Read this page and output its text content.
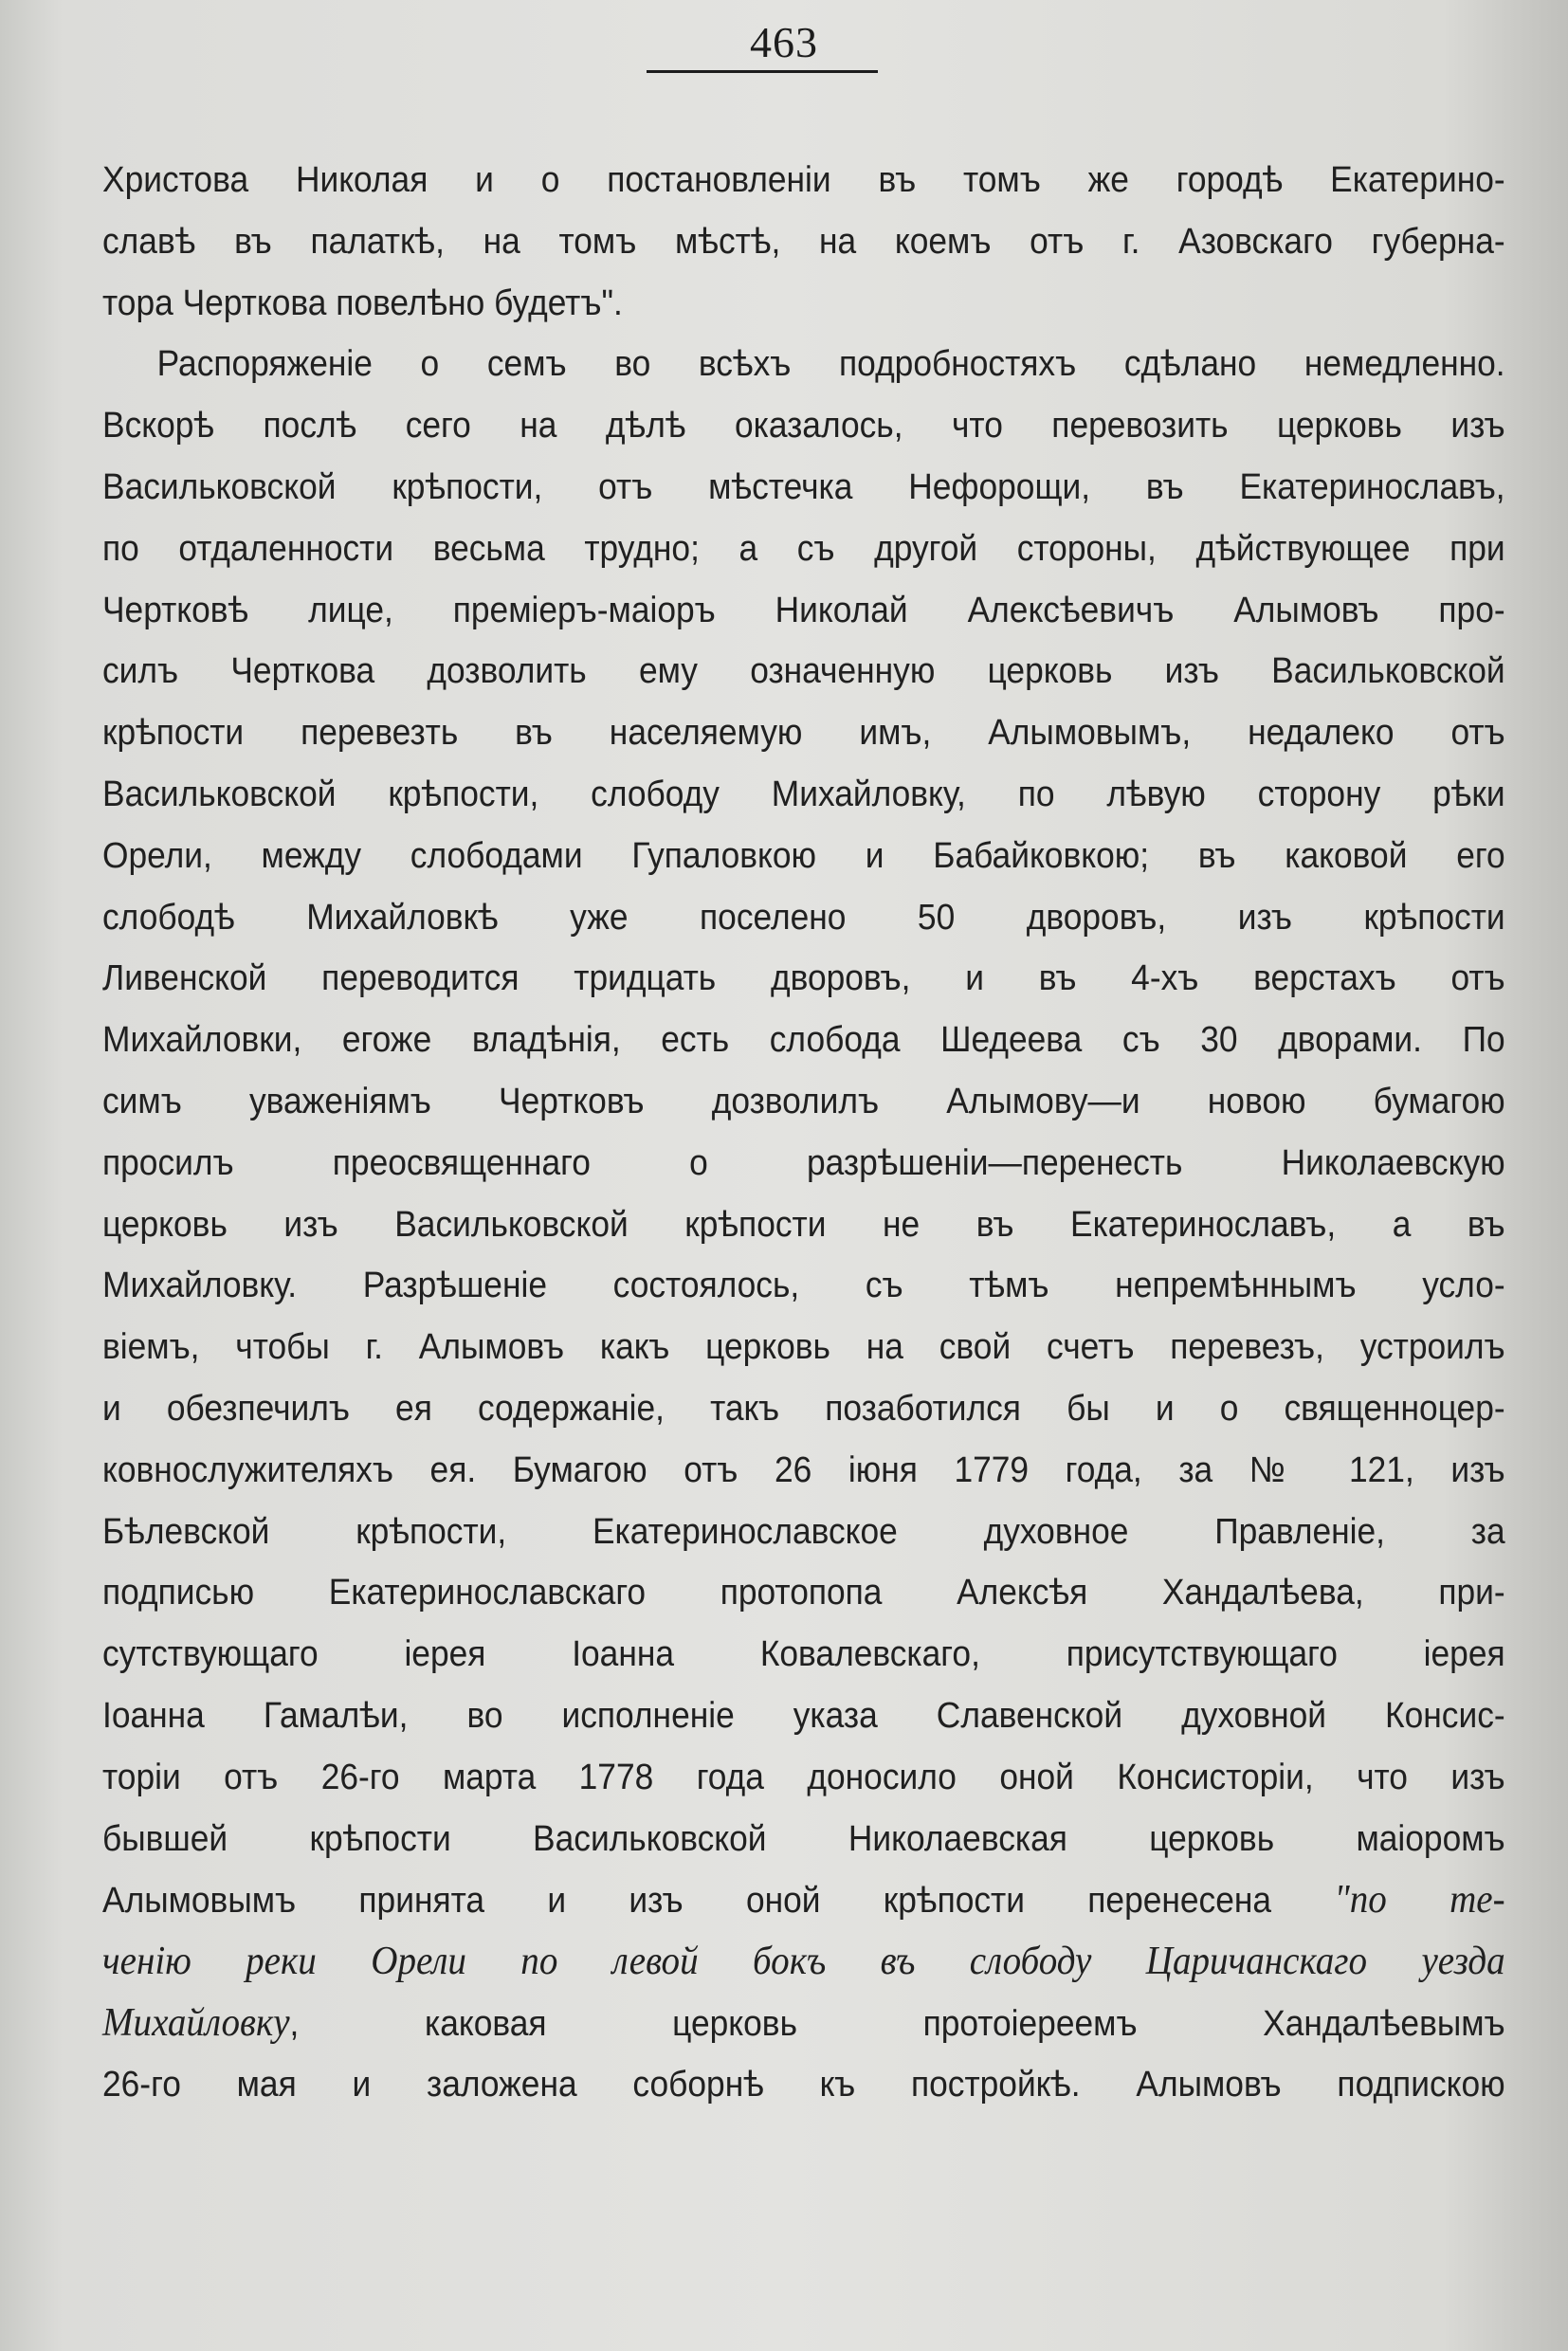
463
Христова Николая и о постановленіи въ томъ же городѣ Екатерино-
славѣ въ палаткѣ, на томъ мѣстѣ, на коемъ отъ г. Азовскаго губерна-
тора Черткова повелѣно будетъ".
Распоряженіе о семъ во всѣхъ подробностяхъ сдѣлано немедленно.
Вскорѣ послѣ сего на дѣлѣ оказалось, что перевозить церковь изъ
Васильковской крѣпости, отъ мѣстечка Нефорощи, въ Екатеринославъ,
по отдаленности весьма трудно; а съ другой стороны, дѣйствующее при
Чертковѣ лице, преміеръ-маіоръ Николай Алексѣевичъ Алымовъ про-
силъ Черткова дозволить ему означенную церковь изъ Васильковской
крѣпости перевезть въ населяемую имъ, Алымовымъ, недалеко отъ
Васильковской крѣпости, слободу Михайловку, по лѣвую сторону рѣки
Орели, между слободами Гупаловкою и Бабайковкою; въ каковой его
слободѣ Михайловкѣ уже поселено 50 дворовъ, изъ крѣпости
Ливенской переводится тридцать дворовъ, и въ 4-хъ верстахъ отъ
Михайловки, егоже владѣнія, есть слобода Шедеева съ 30 дворами. По
симъ уваженіямъ Чертковъ дозволилъ Алымову—и новою бумагою
просилъ преосвященнаго о разрѣшеніи—перенесть Николаевскую
церковь изъ Васильковской крѣпости не въ Екатеринославъ, а въ
Михайловку. Разрѣшеніе состоялось, съ тѣмъ непремѣннымъ усло-
віемъ, чтобы г. Алымовъ какъ церковь на свой счетъ перевезъ, устроилъ
и обезпечилъ ея содержаніе, такъ позаботился бы и о священноцер-
ковнослужителяхъ ея. Бумагою отъ 26 іюня 1779 года, за № 121, изъ
Бѣлевской крѣпости, Екатеринославское духовное Правленіе, за
подписью Екатеринославскаго протопопа Алексѣя Хандалѣева, при-
сутствующаго іерея Іоанна Ковалевскаго, присутствующаго іерея
Іоанна Гамалѣи, во исполненіе указа Славенской духовной Консис-
торіи отъ 26-го марта 1778 года доносило оной Консисторіи, что изъ
бывшей крѣпости Васильковской Николаевская церковь маіоромъ
Алымовымъ принята и изъ оной крѣпости перенесена "по те-
ченію реки Орели по левой бокъ въ слободу Царичанскаго уезда
Михайловку, каковая церковь протоіереемъ Хандалѣевымъ
26-го мая и заложена соборнѣ къ постройкѣ. Алымовъ подпискою
